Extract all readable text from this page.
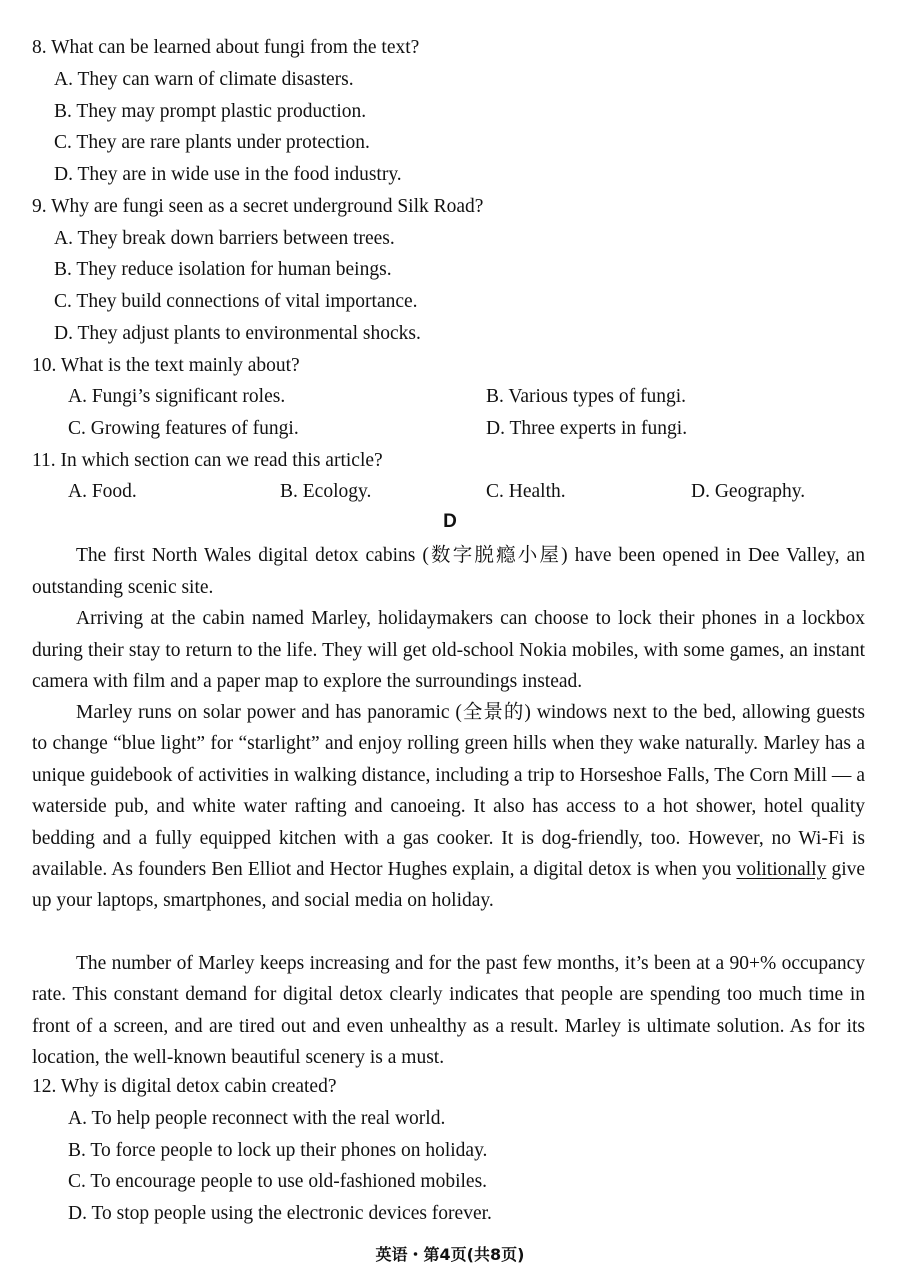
8. What can be learned about fungi from the text?
A. They can warn of climate disasters.
B. They may prompt plastic production.
C. They are rare plants under protection.
D. They are in wide use in the food industry.
9. Why are fungi seen as a secret underground Silk Road?
A. They break down barriers between trees.
B. They reduce isolation for human beings.
C. They build connections of vital importance.
D. They adjust plants to environmental shocks.
10. What is the text mainly about?
A. Fungi’s significant roles.	B. Various types of fungi.
C. Growing features of fungi.	D. Three experts in fungi.
11. In which section can we read this article?
A. Food.	B. Ecology.	C. Health.	D. Geography.
D
The first North Wales digital detox cabins (数字脱瘾小屋) have been opened in Dee Valley, an outstanding scenic site.
Arriving at the cabin named Marley, holidaymakers can choose to lock their phones in a lockbox during their stay to return to the life. They will get old-school Nokia mobiles, with some games, an instant camera with film and a paper map to explore the surroundings instead.
Marley runs on solar power and has panoramic (全景的) windows next to the bed, allowing guests to change “blue light” for “starlight” and enjoy rolling green hills when they wake naturally. Marley has a unique guidebook of activities in walking distance, including a trip to Horseshoe Falls, The Corn Mill — a waterside pub, and white water rafting and canoeing. It also has access to a hot shower, hotel quality bedding and a fully equipped kitchen with a gas cooker. It is dog-friendly, too. However, no Wi-Fi is available. As founders Ben Elliot and Hector Hughes explain, a digital detox is when you volitionally give up your laptops, smartphones, and social media on holiday.
The number of Marley keeps increasing and for the past few months, it’s been at a 90+% occupancy rate. This constant demand for digital detox clearly indicates that people are spending too much time in front of a screen, and are tired out and even unhealthy as a result. Marley is ultimate solution. As for its location, the well-known beautiful scenery is a must.
12. Why is digital detox cabin created?
A. To help people reconnect with the real world.
B. To force people to lock up their phones on holiday.
C. To encourage people to use old-fashioned mobiles.
D. To stop people using the electronic devices forever.
英语・第4页(共8页)
